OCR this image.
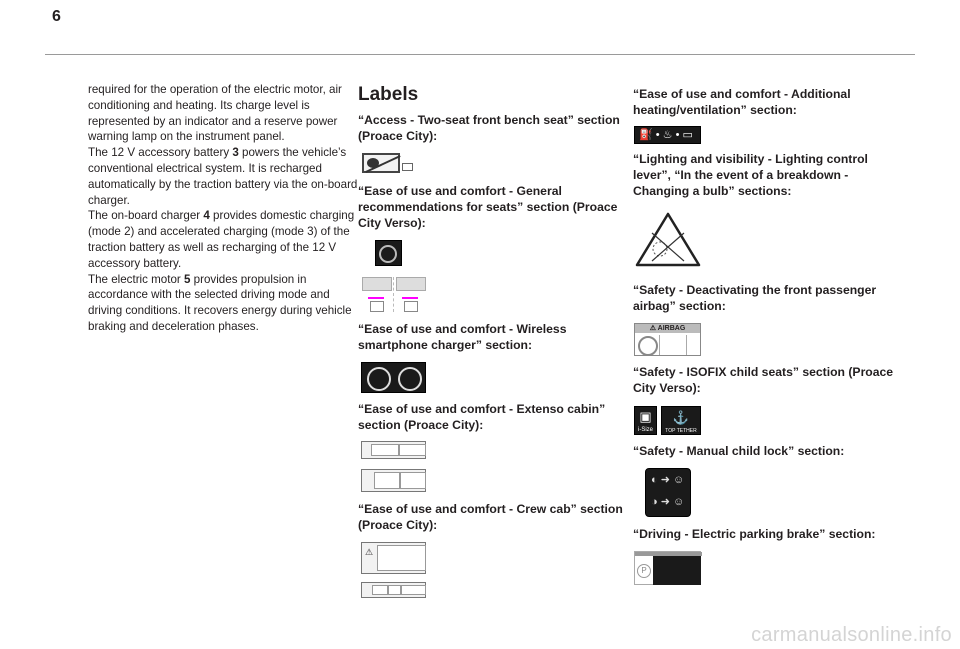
6

required for the operation of the electric motor, air conditioning and heating. Its charge level is represented by an indicator and a reserve power warning lamp on the instrument panel.

The 12 V accessory battery 3 powers the vehicle’s conventional electrical system. It is recharged automatically by the traction battery via the on-board charger.

The on-board charger 4 provides domestic charging (mode 2) and accelerated charging (mode 3) of the traction battery as well as recharging of the 12 V accessory battery.

The electric motor 5 provides propulsion in accordance with the selected driving mode and driving conditions. It recovers energy during vehicle braking and deceleration phases.

Labels
“Access - Two-seat front bench seat” section (Proace City):
“Ease of use and comfort - General recommendations for seats” section (Proace City Verso):
“Ease of use and comfort - Wireless smartphone charger” section:
“Ease of use and comfort - Extenso cabin” section (Proace City):
“Ease of use and comfort - Crew cab” section (Proace City):
⚠
“Ease of use and comfort - Additional heating/ventilation” section:
“Lighting and visibility - Lighting control lever”, “In the event of a breakdown - Changing a bulb” sections:
“Safety - Deactivating the front passenger airbag” section:
“Safety - ISOFIX child seats” section (Proace City Verso):
“Safety - Manual child lock” section:
“Driving - Electric parking brake” section:
⛽ • ♨ • ▭
⚠ AIRBAG
▣
i-Size
⚓
TOP TETHER
◐ ➜ ☺
◑ ➜ ☺
P
carmanualsonline.info
